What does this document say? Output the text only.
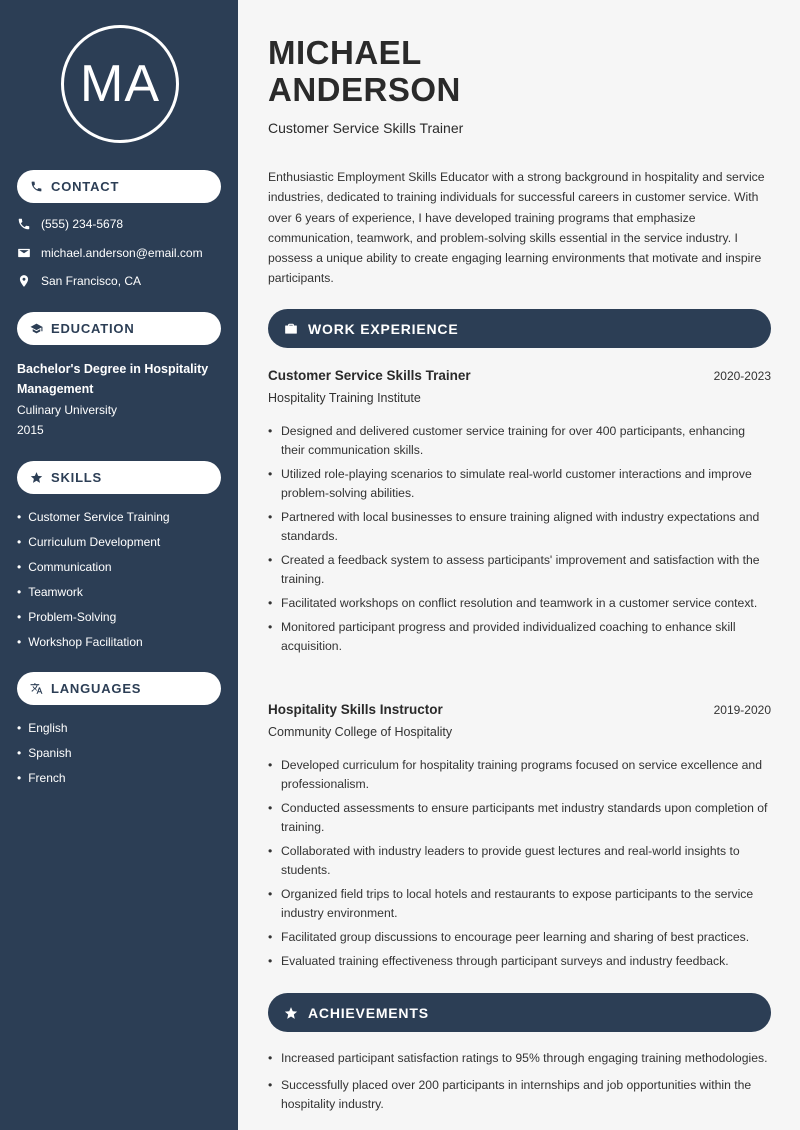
MA
CONTACT
(555) 234-5678
michael.anderson@email.com
San Francisco, CA
EDUCATION
Bachelor's Degree in Hospitality Management
Culinary University
2015
SKILLS
• Customer Service Training
• Curriculum Development
• Communication
• Teamwork
• Problem-Solving
• Workshop Facilitation
LANGUAGES
• English
• Spanish
• French
MICHAEL
ANDERSON
Customer Service Skills Trainer

Enthusiastic Employment Skills Educator with a strong background in hospitality and service industries, dedicated to training individuals for successful careers in customer service. With over 6 years of experience, I have developed training programs that emphasize communication, teamwork, and problem-solving skills essential in the service industry. I possess a unique ability to create engaging learning environments that motivate and inspire participants.

WORK EXPERIENCE
Customer Service Skills Trainer	2020-2023
Hospitality Training Institute
• Designed and delivered customer service training for over 400 participants, enhancing their communication skills.
• Utilized role-playing scenarios to simulate real-world customer interactions and improve problem-solving abilities.
• Partnered with local businesses to ensure training aligned with industry expectations and standards.
• Created a feedback system to assess participants' improvement and satisfaction with the training.
• Facilitated workshops on conflict resolution and teamwork in a customer service context.
• Monitored participant progress and provided individualized coaching to enhance skill acquisition.
Hospitality Skills Instructor	2019-2020
Community College of Hospitality
• Developed curriculum for hospitality training programs focused on service excellence and professionalism.
• Conducted assessments to ensure participants met industry standards upon completion of training.
• Collaborated with industry leaders to provide guest lectures and real-world insights to students.
• Organized field trips to local hotels and restaurants to expose participants to the service industry environment.
• Facilitated group discussions to encourage peer learning and sharing of best practices.
• Evaluated training effectiveness through participant surveys and industry feedback.
ACHIEVEMENTS
• Increased participant satisfaction ratings to 95% through engaging training methodologies.
• Successfully placed over 200 participants in internships and job opportunities within the hospitality industry.
